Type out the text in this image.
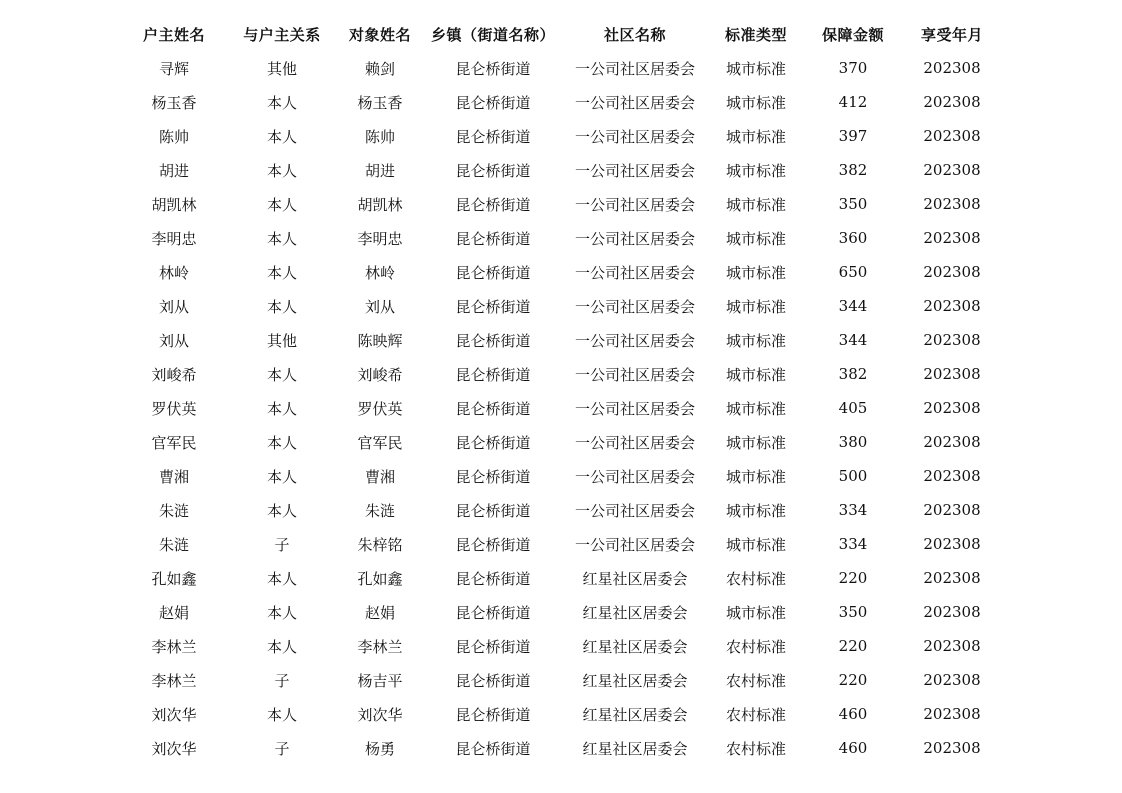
户主姓名	与户主关系	对象姓名	乡镇（街道名称）	社区名称	标准类型	保障金额	享受年月
寻辉	其他	赖剑	昆仑桥街道	一公司社区居委会	城市标准	370	202308
杨玉香	本人	杨玉香	昆仑桥街道	一公司社区居委会	城市标准	412	202308
陈帅	本人	陈帅	昆仑桥街道	一公司社区居委会	城市标准	397	202308
胡进	本人	胡进	昆仑桥街道	一公司社区居委会	城市标准	382	202308
胡凯林	本人	胡凯林	昆仑桥街道	一公司社区居委会	城市标准	350	202308
李明忠	本人	李明忠	昆仑桥街道	一公司社区居委会	城市标准	360	202308
林岭	本人	林岭	昆仑桥街道	一公司社区居委会	城市标准	650	202308
刘从	本人	刘从	昆仑桥街道	一公司社区居委会	城市标准	344	202308
刘从	其他	陈映辉	昆仑桥街道	一公司社区居委会	城市标准	344	202308
刘峻希	本人	刘峻希	昆仑桥街道	一公司社区居委会	城市标准	382	202308
罗伏英	本人	罗伏英	昆仑桥街道	一公司社区居委会	城市标准	405	202308
官军民	本人	官军民	昆仑桥街道	一公司社区居委会	城市标准	380	202308
曹湘	本人	曹湘	昆仑桥街道	一公司社区居委会	城市标准	500	202308
朱涟	本人	朱涟	昆仑桥街道	一公司社区居委会	城市标准	334	202308
朱涟	子	朱梓铭	昆仑桥街道	一公司社区居委会	城市标准	334	202308
孔如鑫	本人	孔如鑫	昆仑桥街道	红星社区居委会	农村标准	220	202308
赵娟	本人	赵娟	昆仑桥街道	红星社区居委会	城市标准	350	202308
李林兰	本人	李林兰	昆仑桥街道	红星社区居委会	农村标准	220	202308
李林兰	子	杨吉平	昆仑桥街道	红星社区居委会	农村标准	220	202308
刘次华	本人	刘次华	昆仑桥街道	红星社区居委会	农村标准	460	202308
刘次华	子	杨勇	昆仑桥街道	红星社区居委会	农村标准	460	202308
